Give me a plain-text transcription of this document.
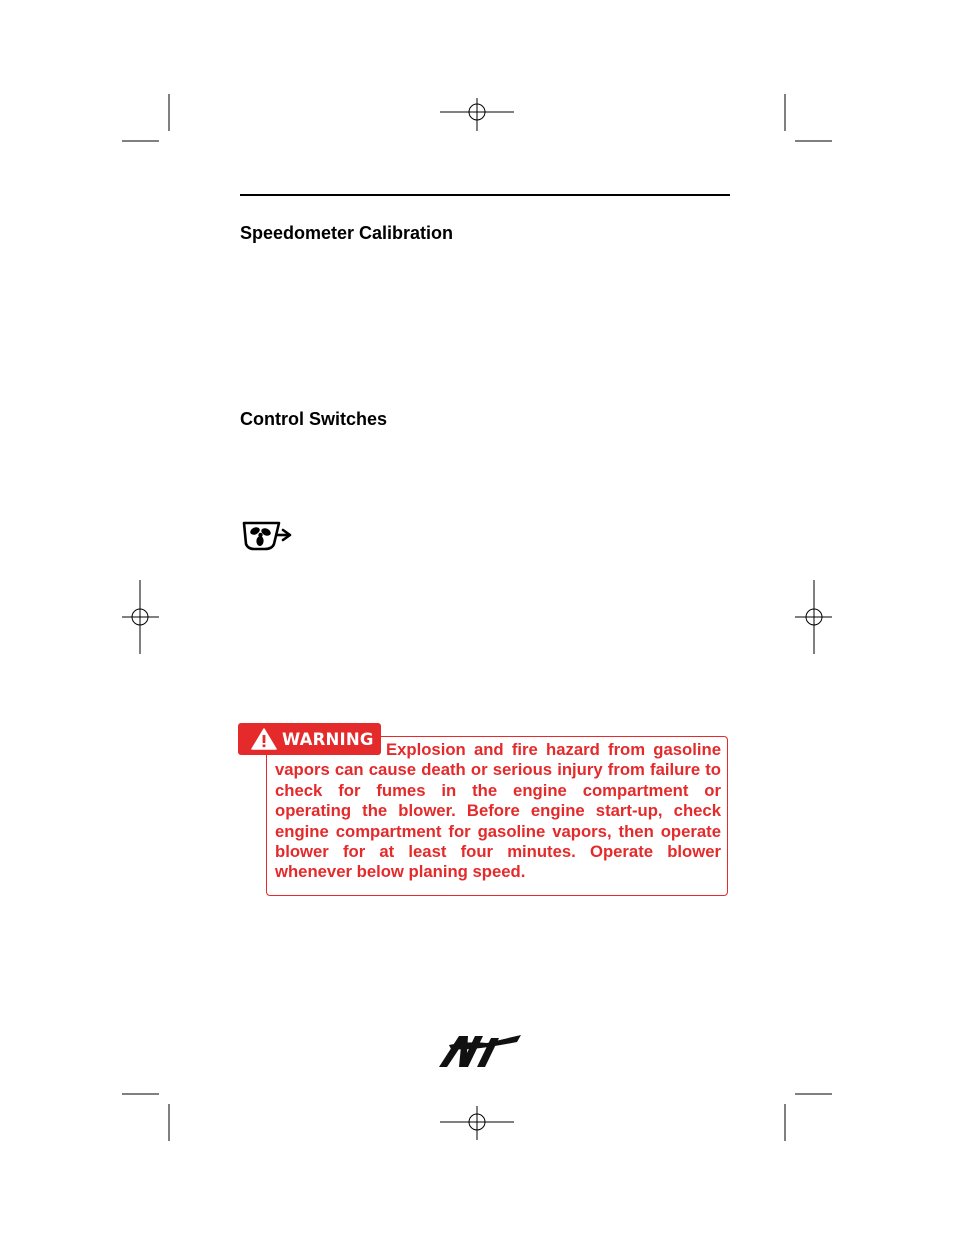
Speedometer Calibration
Control Switches
WARNING

Explosion and fire hazard from gasoline vapors can cause death or serious injury from failure to check for fumes in the engine compartment or operating the blower. Before engine start-up, check engine compartment for gasoline vapors, then operate blower for at least four minutes. Operate blower whenever below planing speed.
